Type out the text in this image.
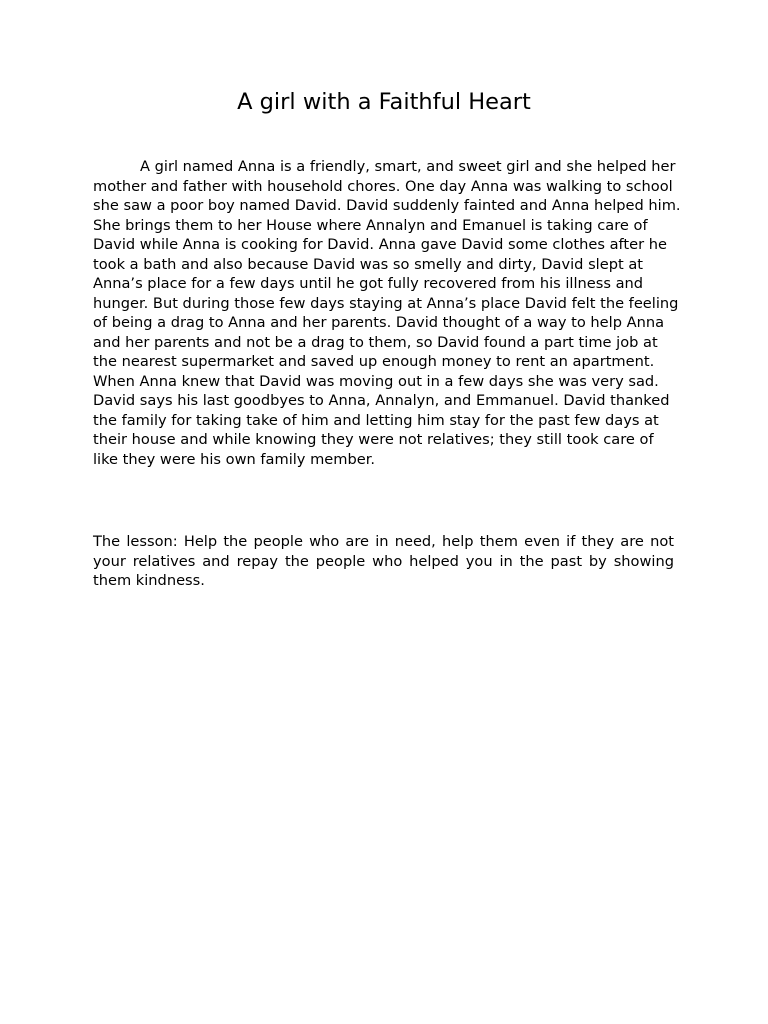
A girl with a Faithful Heart

A girl named Anna is a friendly, smart, and sweet girl and she helped her mother and father with household chores. One day Anna was walking to school she saw a poor boy named David. David suddenly fainted and Anna helped him. She brings them to her House where Annalyn and Emanuel is taking care of David while Anna is cooking for David. Anna gave David some clothes after he took a bath and also because David was so smelly and dirty, David slept at Anna’s place for a few days until he got fully recovered from his illness and hunger. But during those few days staying at Anna’s place David felt the feeling of being a drag to Anna and her parents. David thought of a way to help Anna and her parents and not be a drag to them, so David found a part time job at the nearest supermarket and saved up enough money to rent an apartment. When Anna knew that David was moving out in a few days she was very sad. David says his last goodbyes to Anna, Annalyn, and Emmanuel. David thanked the family for taking take of him and letting him stay for the past few days at their house and while knowing they were not relatives; they still took care of like they were his own family member.

The lesson: Help the people who are in need, help them even if they are not your relatives and repay the people who helped you in the past by showing them kindness.
